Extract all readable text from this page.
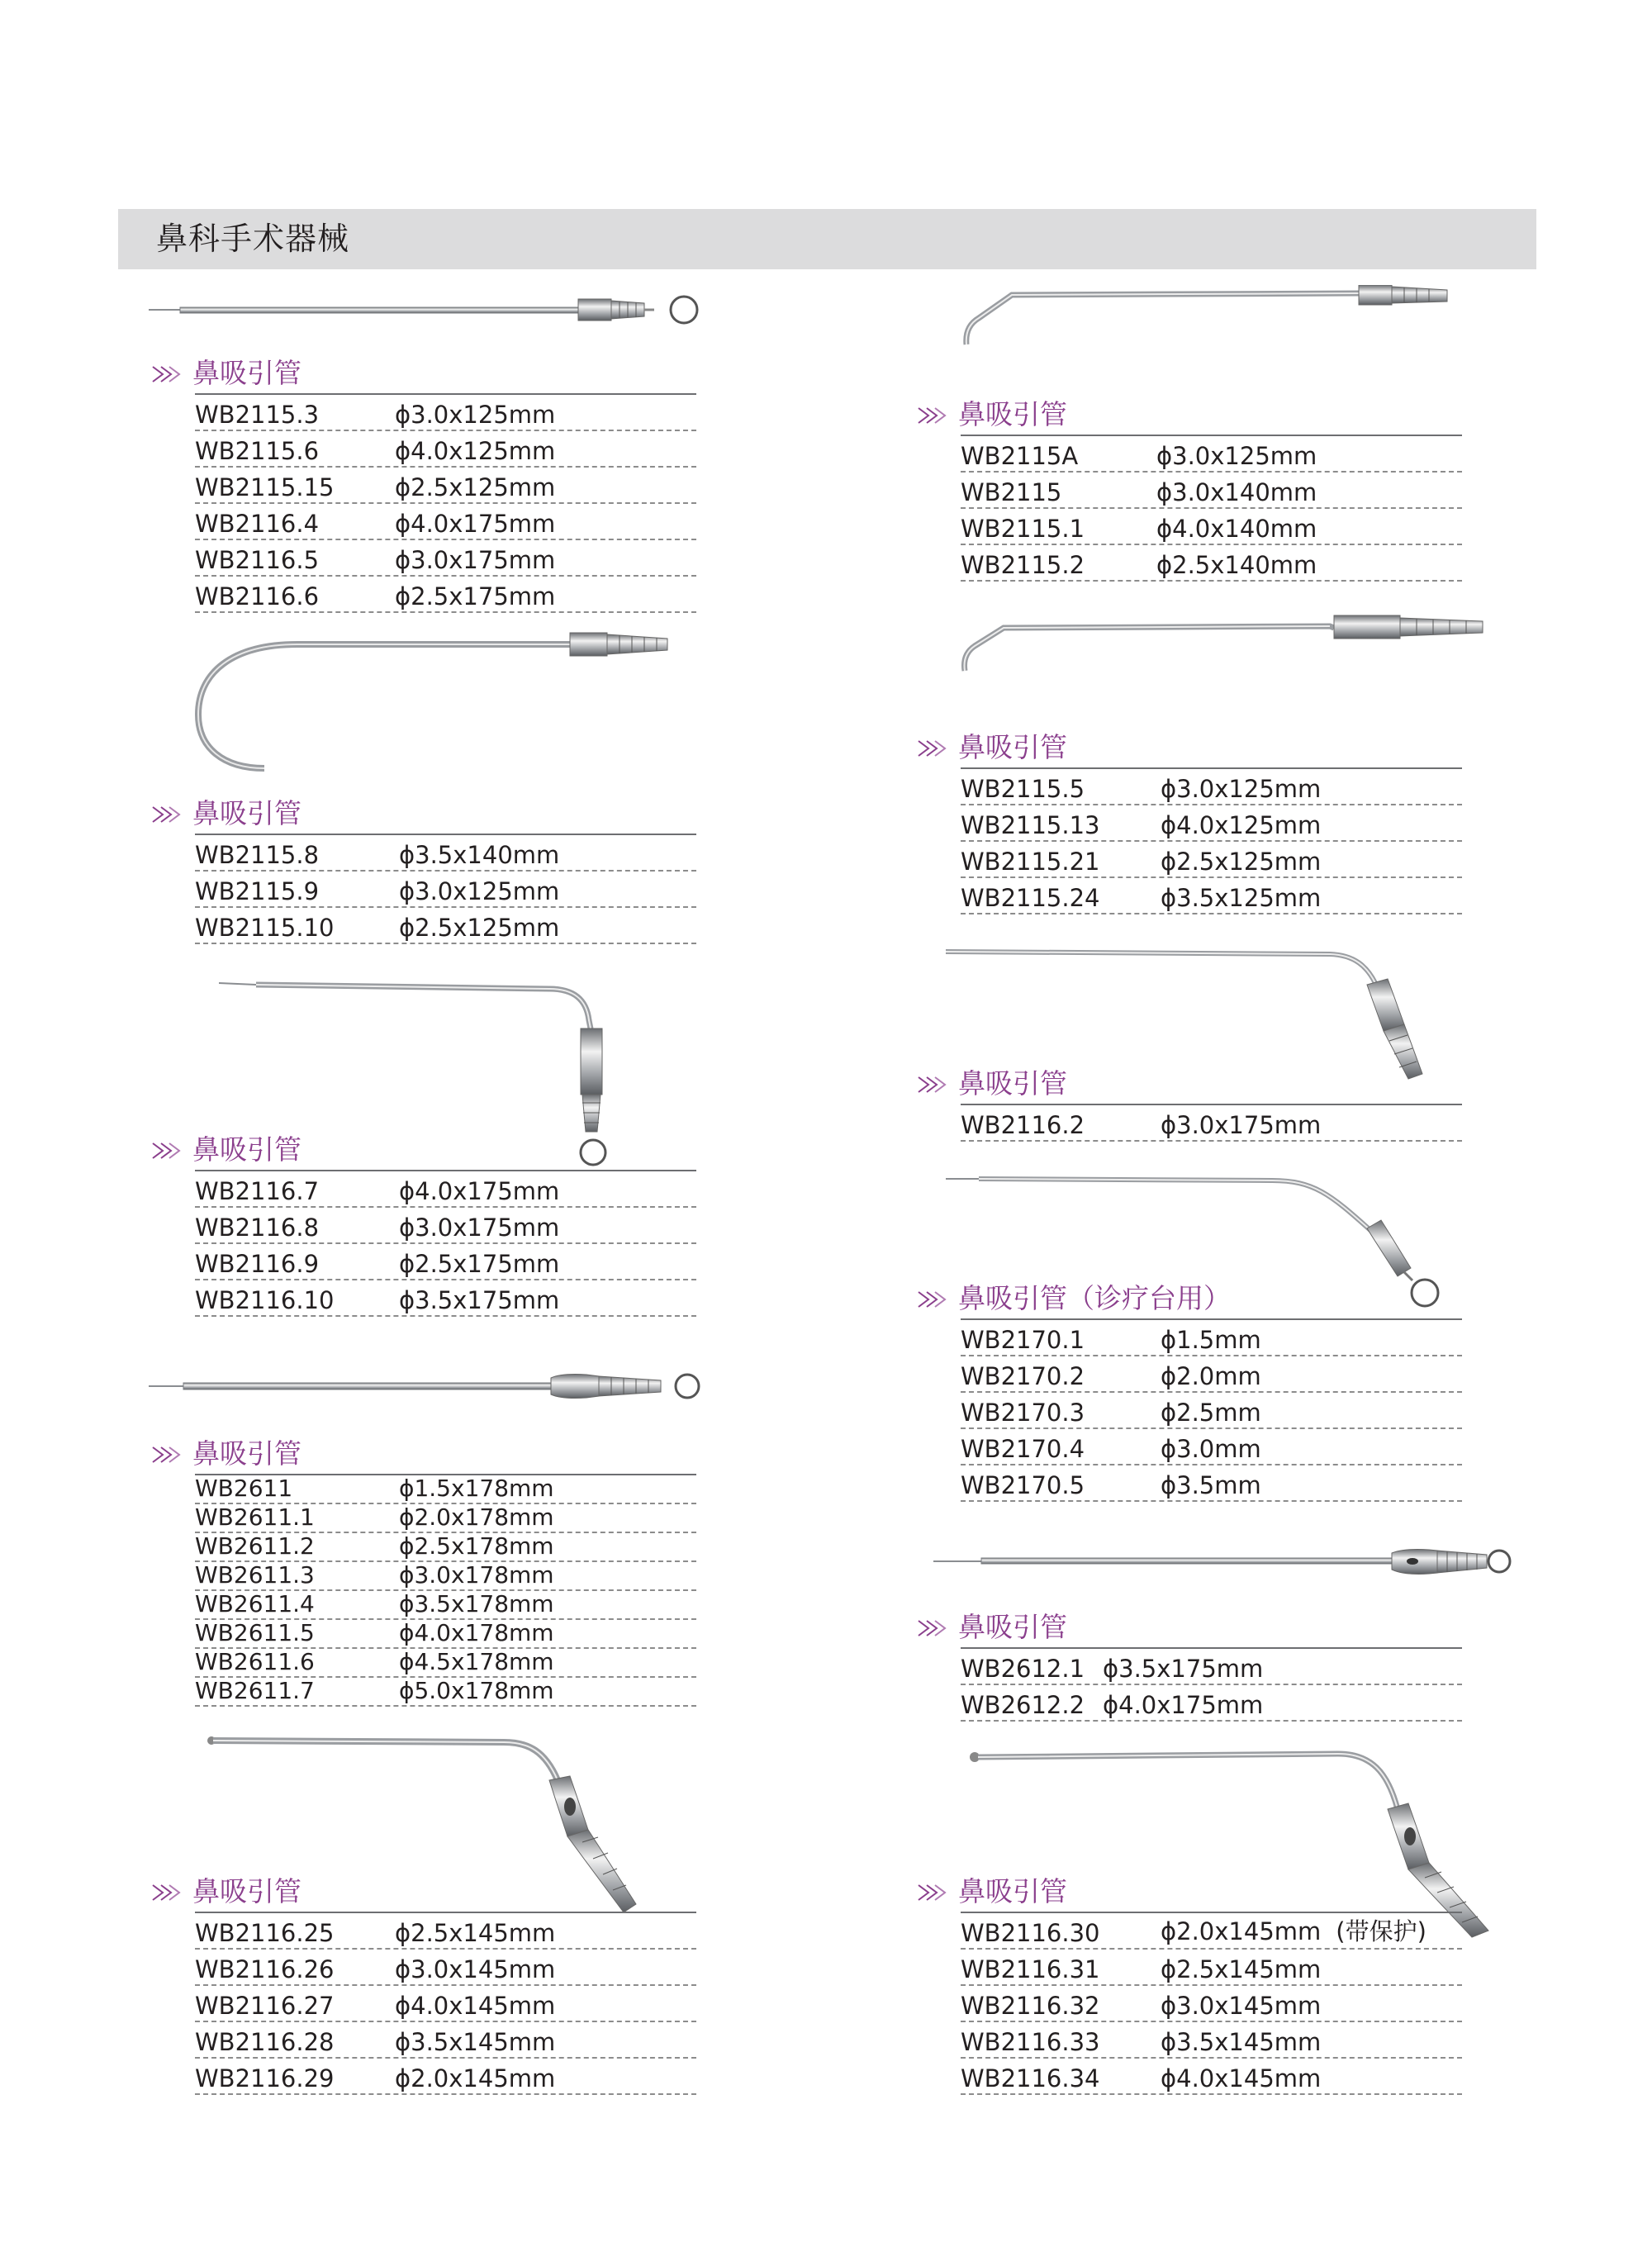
鼻科手术器械
鼻吸引管
WB2115.3	ϕ3.0x125mm
WB2115.6	ϕ4.0x125mm
WB2115.15	ϕ2.5x125mm
WB2116.4	ϕ4.0x175mm
WB2116.5	ϕ3.0x175mm
WB2116.6	ϕ2.5x175mm
鼻吸引管
WB2115.8	ϕ3.5x140mm
WB2115.9	ϕ3.0x125mm
WB2115.10	ϕ2.5x125mm
鼻吸引管
WB2116.7	ϕ4.0x175mm
WB2116.8	ϕ3.0x175mm
WB2116.9	ϕ2.5x175mm
WB2116.10	ϕ3.5x175mm
鼻吸引管
WB2611	ϕ1.5x178mm
WB2611.1	ϕ2.0x178mm
WB2611.2	ϕ2.5x178mm
WB2611.3	ϕ3.0x178mm
WB2611.4	ϕ3.5x178mm
WB2611.5	ϕ4.0x178mm
WB2611.6	ϕ4.5x178mm
WB2611.7	ϕ5.0x178mm
鼻吸引管
WB2116.25	ϕ2.5x145mm
WB2116.26	ϕ3.0x145mm
WB2116.27	ϕ4.0x145mm
WB2116.28	ϕ3.5x145mm
WB2116.29	ϕ2.0x145mm
鼻吸引管
WB2115A	ϕ3.0x125mm
WB2115	ϕ3.0x140mm
WB2115.1	ϕ4.0x140mm
WB2115.2	ϕ2.5x140mm
鼻吸引管
WB2115.5	ϕ3.0x125mm
WB2115.13	ϕ4.0x125mm
WB2115.21	ϕ2.5x125mm
WB2115.24	ϕ3.5x125mm
鼻吸引管
WB2116.2	ϕ3.0x175mm
鼻吸引管（诊疗台用）
WB2170.1	ϕ1.5mm
WB2170.2	ϕ2.0mm
WB2170.3	ϕ2.5mm
WB2170.4	ϕ3.0mm
WB2170.5	ϕ3.5mm
鼻吸引管
WB2612.1 ϕ3.5x175mm
WB2612.2 ϕ4.0x175mm
鼻吸引管
WB2116.30	ϕ2.0x145mm (带保护)
WB2116.31	ϕ2.5x145mm
WB2116.32	ϕ3.0x145mm
WB2116.33	ϕ3.5x145mm
WB2116.34	ϕ4.0x145mm
